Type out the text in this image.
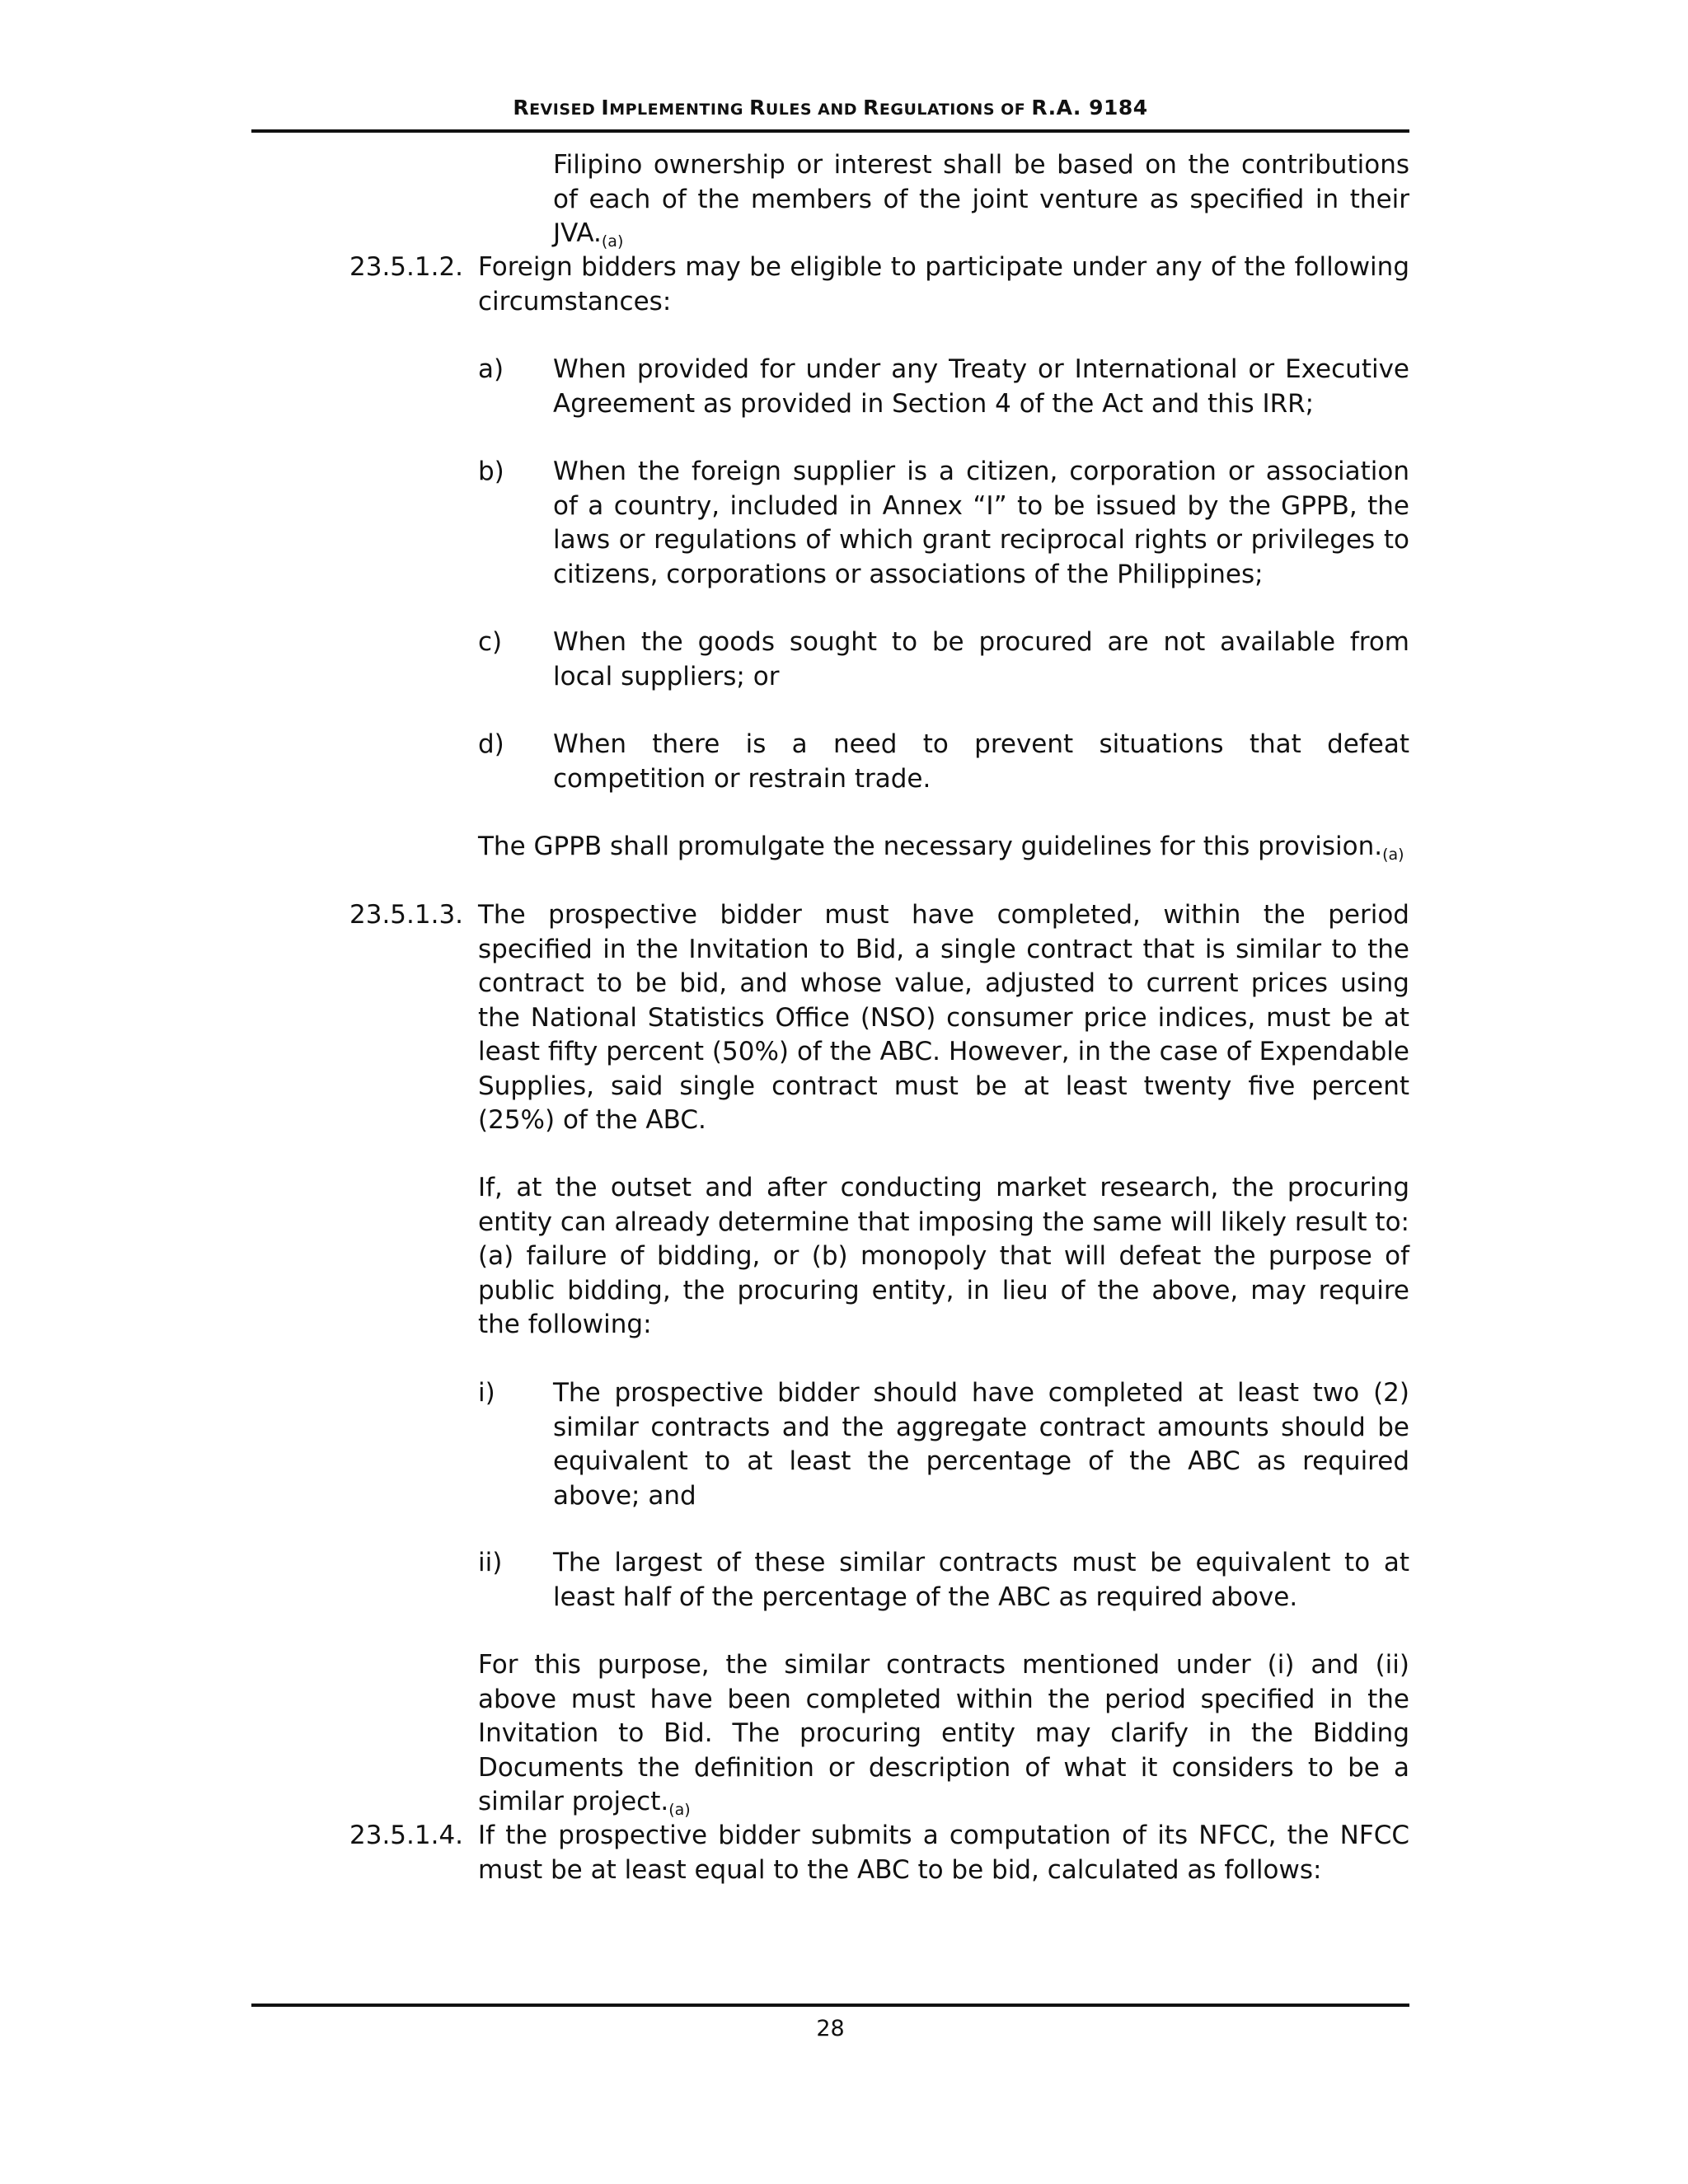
REVISED IMPLEMENTING RULES AND REGULATIONS OF R.A. 9184

Filipino ownership or interest shall be based on the contributions of each of the members of the joint venture as specified in their $JVA._{(a)}$

23.5.1.2. Foreign bidders may be eligible to participate under any of the following circumstances:

a) When provided for under any Treaty or International or Executive Agreement as provided in Section 4 of the Act and this IRR;

b) When the foreign supplier is a citizen, corporation or association of a country, included in Annex “I” to be issued by the GPPB, the laws or regulations of which grant reciprocal rights or privileges to citizens, corporations or associations of the Philippines;

c) When the goods sought to be procured are not available from local suppliers; or

d) When there is a need to prevent situations that defeat competition or restrain trade.

The GPPB shall promulgate the necessary guidelines for this $provision._{(a)}$

23.5.1.3. The prospective bidder must have completed, within the period specified in the Invitation to Bid, a single contract that is similar to the contract to be bid, and whose value, adjusted to current prices using the National Statistics Office (NSO) consumer price indices, must be at least fifty percent (50%) of the ABC. However, in the case of Expendable Supplies, said single contract must be at least twenty five percent (25%) of the ABC.

If, at the outset and after conducting market research, the procuring entity can already determine that imposing the same will likely result to: (a) failure of bidding, or (b) monopoly that will defeat the purpose of public bidding, the procuring entity, in lieu of the above, may require the following:

i) The prospective bidder should have completed at least two (2) similar contracts and the aggregate contract amounts should be equivalent to at least the percentage of the ABC as required above; and

ii) The largest of these similar contracts must be equivalent to at least half of the percentage of the ABC as required above.

For this purpose, the similar contracts mentioned under (i) and (ii) above must have been completed within the period specified in the Invitation to Bid. The procuring entity may clarify in the Bidding Documents the definition or description of what it considers to be a similar $project._{(a)}$

23.5.1.4. If the prospective bidder submits a computation of its NFCC, the NFCC must be at least equal to the ABC to be bid, calculated as follows:

28
